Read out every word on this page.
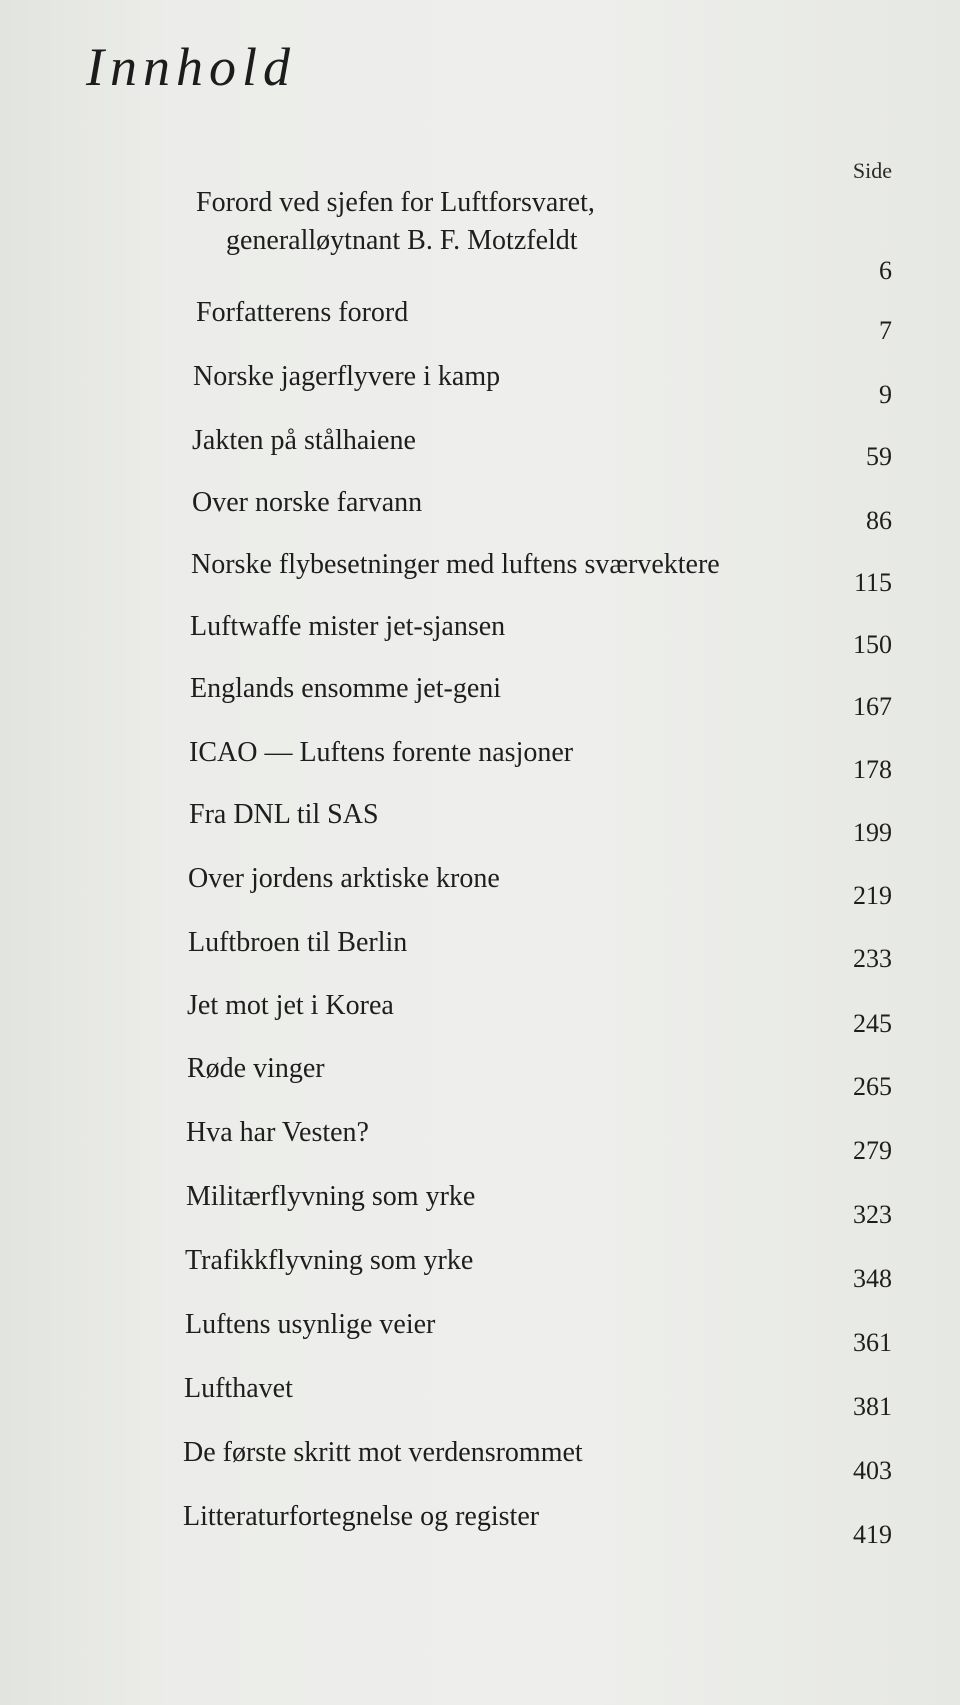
Innhold
Side
Forord ved sjefen for Luftforsvaret,
generalløytnant B. F. Motzfeldt
6
Forfatterens forord
7
Norske jagerflyvere i kamp
9
Jakten på stålhaiene
59
Over norske farvann
86
Norske flybesetninger med luftens sværvektere
115
Luftwaffe mister jet-sjansen
150
Englands ensomme jet-geni
167
ICAO — Luftens forente nasjoner
178
Fra DNL til SAS
199
Over jordens arktiske krone
219
Luftbroen til Berlin
233
Jet mot jet i Korea
245
Røde vinger
265
Hva har Vesten?
279
Militærflyvning som yrke
323
Trafikkflyvning som yrke
348
Luftens usynlige veier
361
Lufthavet
381
De første skritt mot verdensrommet
403
Litteraturfortegnelse og register
419
